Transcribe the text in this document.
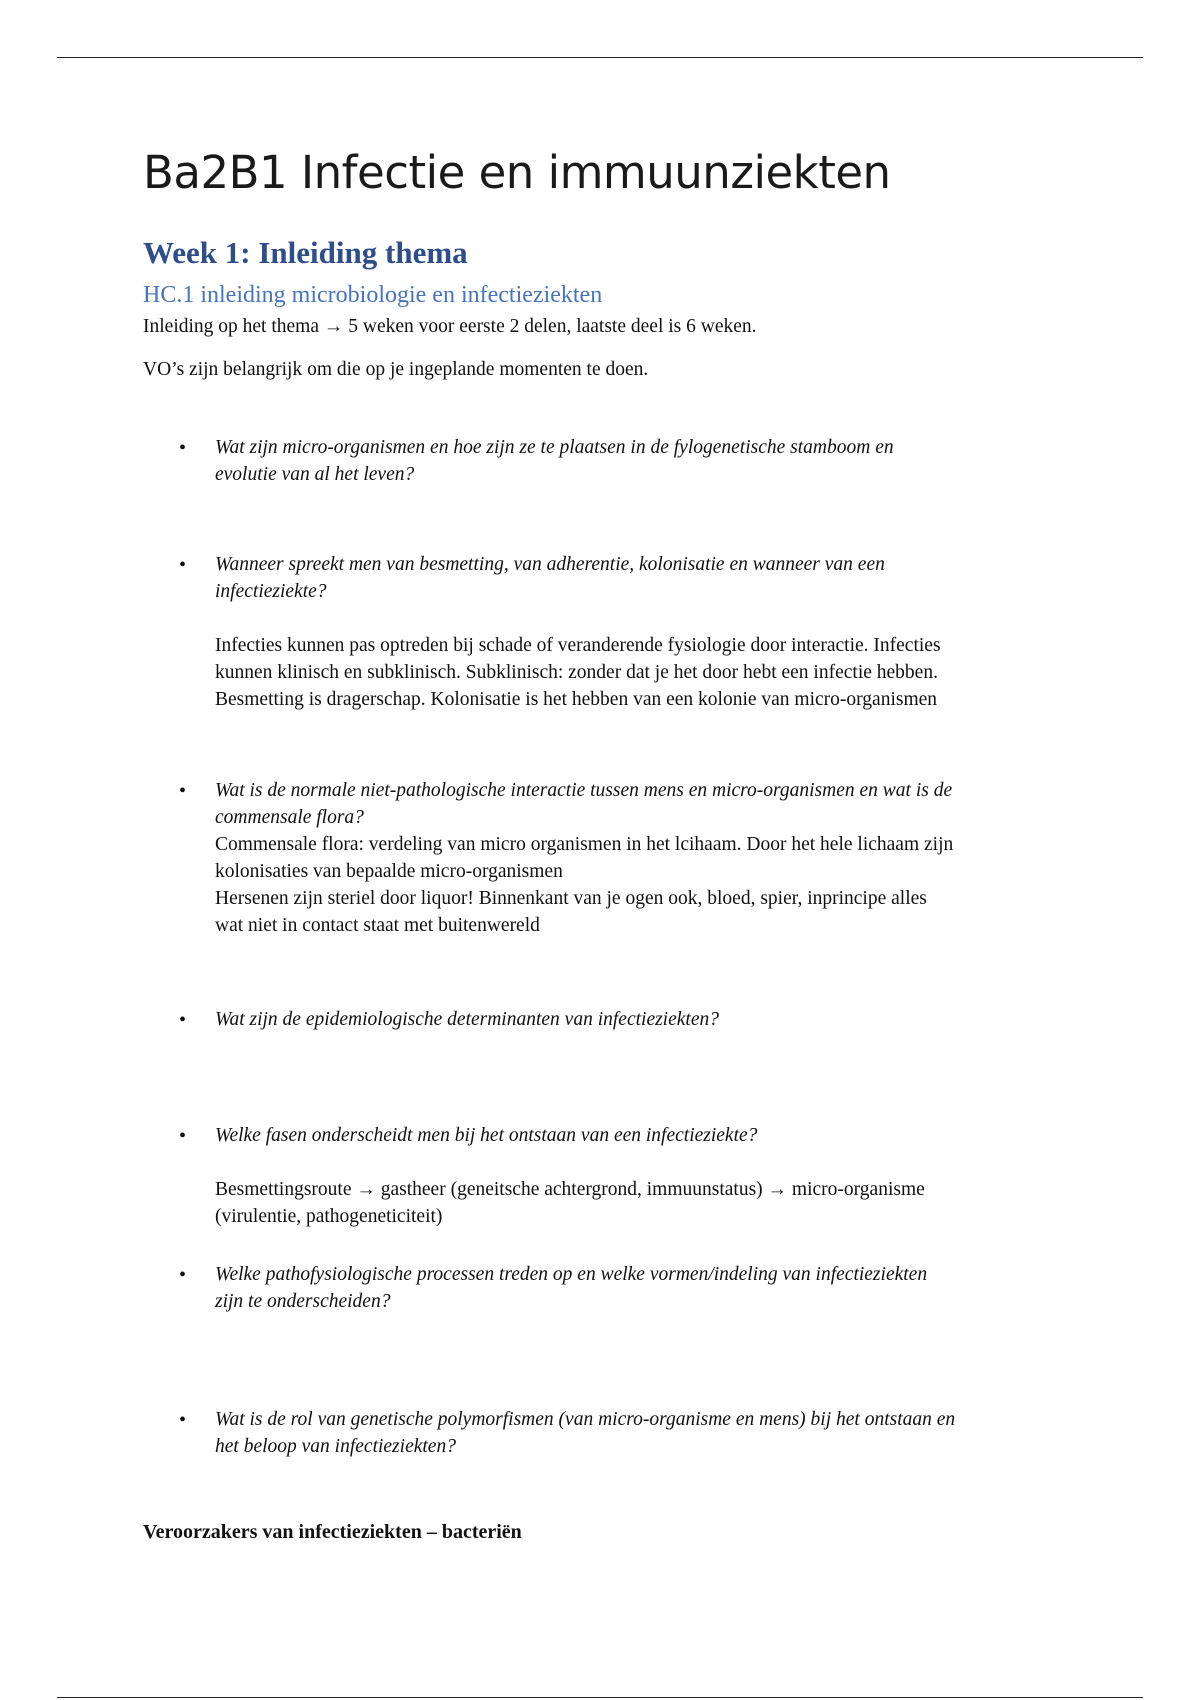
Ba2B1 Infectie en immuunziekten
Week 1: Inleiding thema
HC.1 inleiding microbiologie en infectieziekten

Inleiding op het thema → 5 weken voor eerste 2 delen, laatste deel is 6 weken.

VO’s zijn belangrijk om die op je ingeplande momenten te doen.

• Wat zijn micro-organismen en hoe zijn ze te plaatsen in de fylogenetische stamboom en
evolutie van al het leven?
• Wanneer spreekt men van besmetting, van adherentie, kolonisatie en wanneer van een
infectieziekte?
Infecties kunnen pas optreden bij schade of veranderende fysiologie door interactie. Infecties
kunnen klinisch en subklinisch. Subklinisch: zonder dat je het door hebt een infectie hebben.
Besmetting is dragerschap. Kolonisatie is het hebben van een kolonie van micro-organismen
• Wat is de normale niet-pathologische interactie tussen mens en micro-organismen en wat is de
commensale flora?
Commensale flora: verdeling van micro organismen in het lcihaam. Door het hele lichaam zijn
kolonisaties van bepaalde micro-organismen
Hersenen zijn steriel door liquor! Binnenkant van je ogen ook, bloed, spier, inprincipe alles
wat niet in contact staat met buitenwereld
• Wat zijn de epidemiologische determinanten van infectieziekten?
• Welke fasen onderscheidt men bij het ontstaan van een infectieziekte?
Besmettingsroute → gastheer (geneitsche achtergrond, immuunstatus) → micro-organisme
(virulentie, pathogeneticiteit)
• Welke pathofysiologische processen treden op en welke vormen/indeling van infectieziekten
zijn te onderscheiden?
• Wat is de rol van genetische polymorfismen (van micro-organisme en mens) bij het ontstaan en
het beloop van infectieziekten?
Veroorzakers van infectieziekten – bacteriën
